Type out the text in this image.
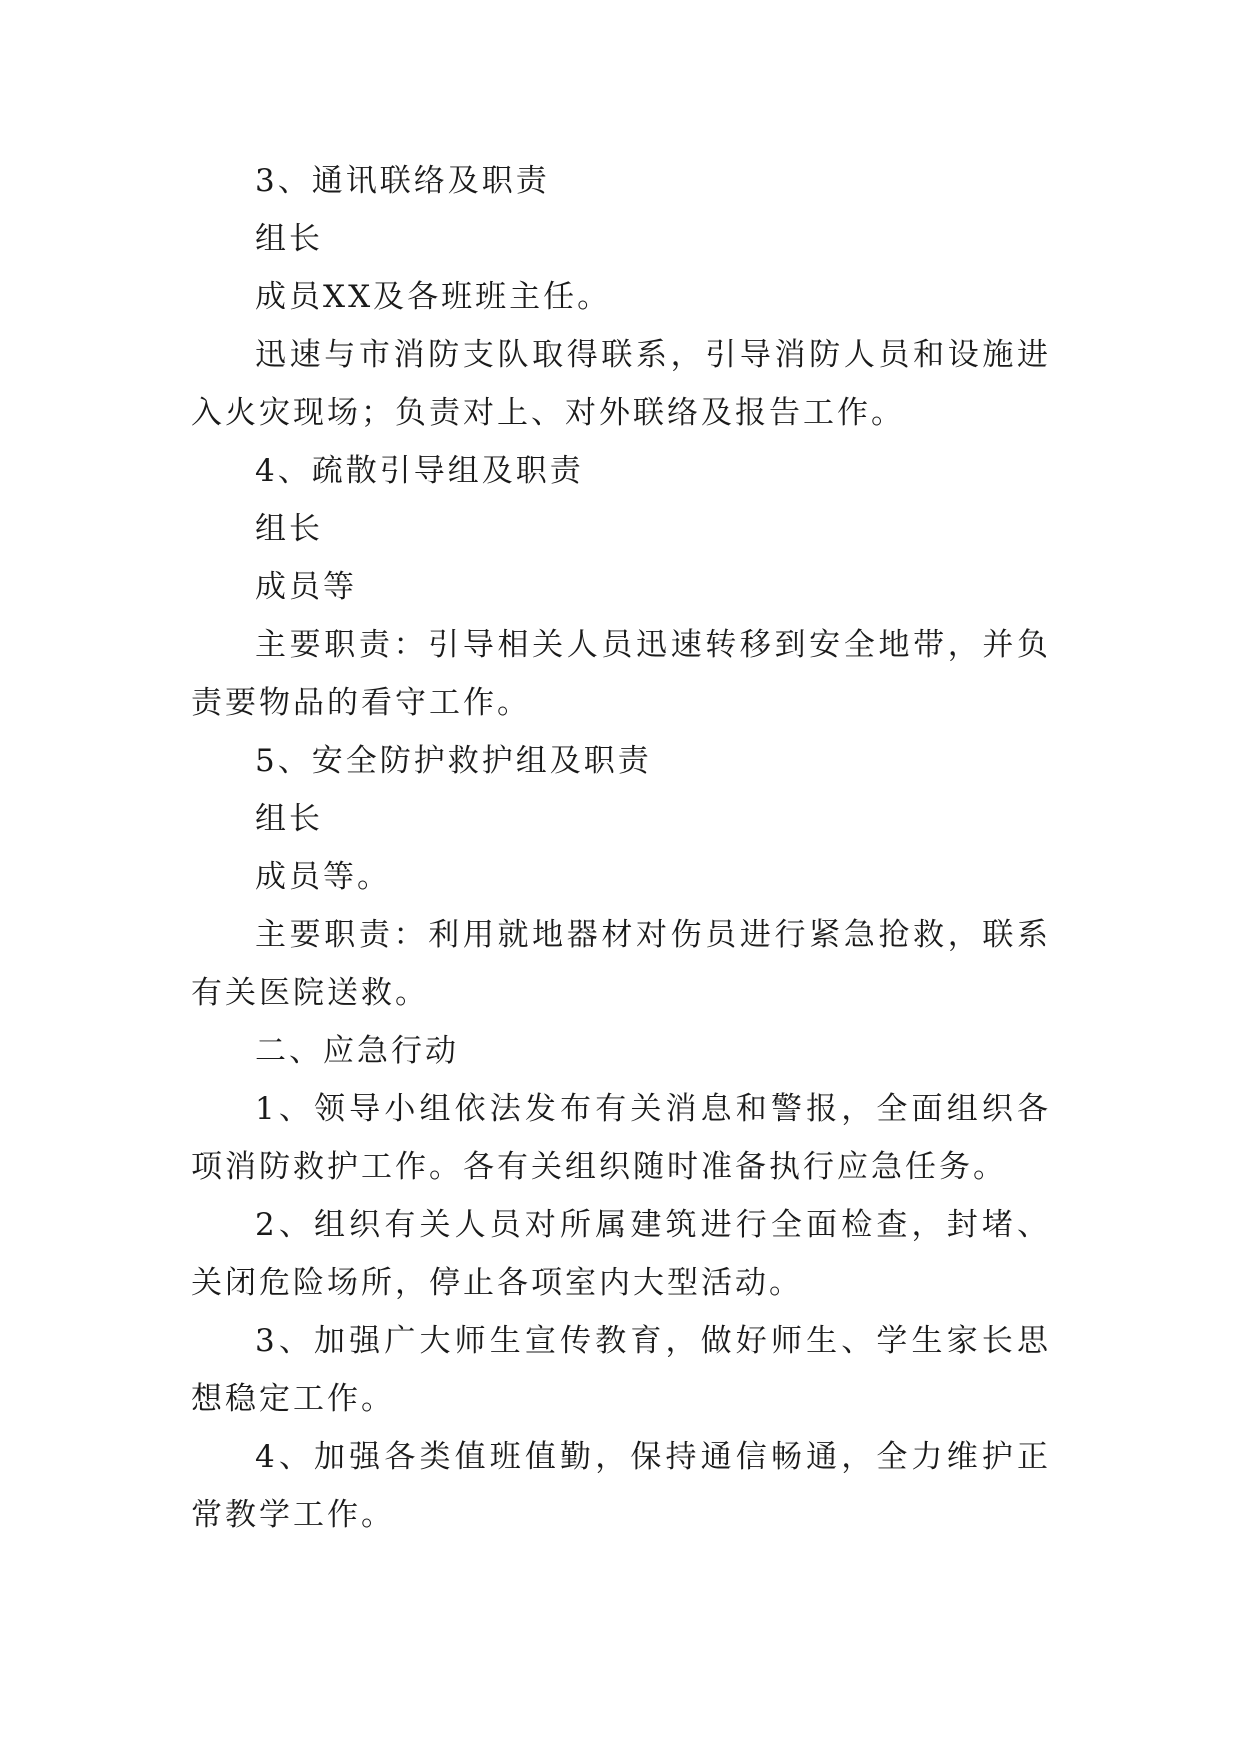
3、通讯联络及职责

组长

成员XX及各班班主任。

迅速与市消防支队取得联系，引导消防人员和设施进入火灾现场；负责对上、对外联络及报告工作。

4、疏散引导组及职责

组长

成员等

主要职责：引导相关人员迅速转移到安全地带，并负责要物品的看守工作。

5、安全防护救护组及职责

组长

成员等。

主要职责：利用就地器材对伤员进行紧急抢救，联系有关医院送救。

二、应急行动

1、领导小组依法发布有关消息和警报，全面组织各项消防救护工作。各有关组织随时准备执行应急任务。

2、组织有关人员对所属建筑进行全面检查，封堵、关闭危险场所，停止各项室内大型活动。

3、加强广大师生宣传教育，做好师生、学生家长思想稳定工作。

4、加强各类值班值勤，保持通信畅通，全力维护正常教学工作。
